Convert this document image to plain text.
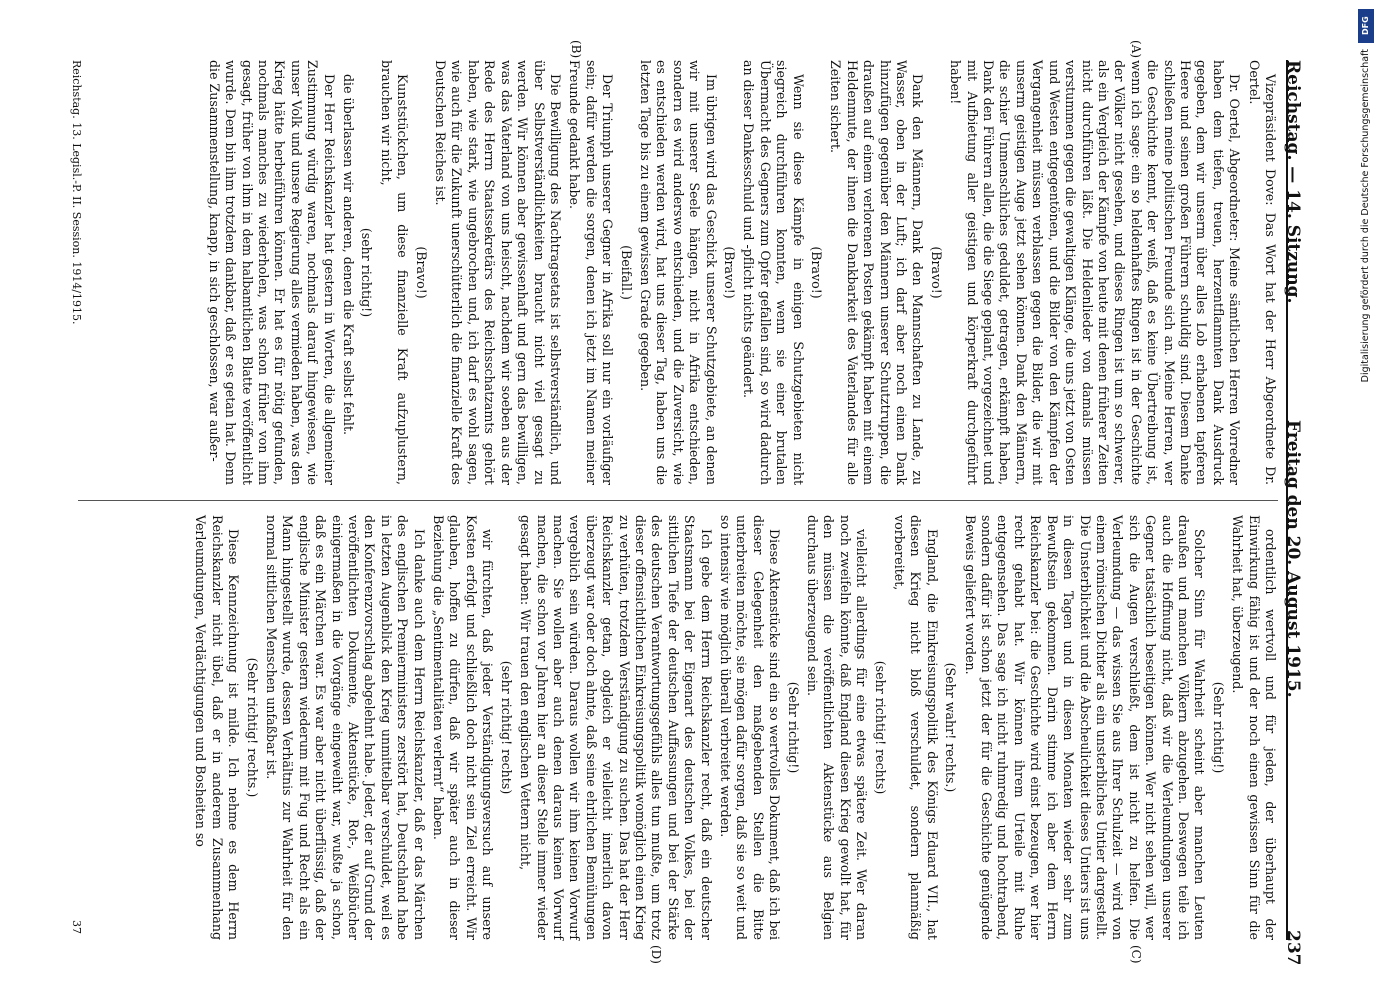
Reichstag. — 14. Sitzung.
Freitag den 20. August 1915.
237
(A)
(B)
(C)
(D)

Vizepräsident Dove: Das Wort hat der Herr Abgeordnete Dr. Oertel.

Dr. Oertel, Abgeordneter: Meine sämtlichen Herren Vorredner haben dem tiefen, treuen, herzentflammten Dank Ausdruck gegeben, dem wir unserm über alles Lob erhabenen tapferen Heere und seinen großen Führern schuldig sind. Diesem Danke schließen meine politischen Freunde sich an. Meine Herren, wer die Geschichte kennt, der weiß, daß es keine Übertreibung ist, wenn ich sage: ein so heldenhaftes Ringen ist in der Geschichte der Völker nicht gesehen, und dieses Ringen ist um so schwerer, als ein Vergleich der Kämpfe von heute mit denen früherer Zeiten nicht durchführen läßt. Die Heldenlieder von damals müssen verstummen gegen die gewaltigen Klänge, die uns jetzt von Osten und Westen entgegentönen, und die Bilder von den Kämpfen der Vergangenheit müssen verblassen gegen die Bilder, die wir mit unserm geistigen Auge jetzt sehen können. Dank den Männern, die schier Unmenschliches geduldet, getragen, erkämpft haben, Dank den Führern allen, die die Siege geplant, vorgezeichnet und mit Aufbietung aller geistigen und körperkraft durchgeführt haben!

(Bravo!)

Dank den Männern, Dank den Mannschaften zu Lande, zu Wasser, oben in der Luft; ich darf aber noch einen Dank hinzufügen gegenüber den Männern unserer Schutztruppen, die draußen auf einem verlorenen Posten gekämpft haben mit einem Heldenmute, der ihnen die Dankbarkeit des Vaterlandes für alle Zeiten sichert.

(Bravo!)

Wenn sie diese Kämpfe in einigen Schutzgebieten nicht siegreich durchführen konnten, wenn sie einer brutalen Übermacht des Gegners zum Opfer gefallen sind, so wird dadurch an dieser Dankesschuld und -pflicht nichts geändert.

(Bravo!)

Im übrigen wird das Geschick unserer Schutzgebiete, an denen wir mit unserer Seele hängen, nicht in Afrika entschieden, sondern es wird anderswo entschieden, und die Zuversicht, wie es entschieden werden wird, hat uns dieser Tag, haben uns die letzten Tage bis zu einem gewissen Grade gegeben.

(Beifall.)

Der Triumph unserer Gegner in Afrika soll nur ein vorläufiger sein; dafür werden die sorgen, denen ich jetzt im Namen meiner Freunde gedankt habe.

Die Bewilligung des Nachtragsetats ist selbstverständlich, und über Selbstverständlichkeiten braucht nicht viel gesagt zu werden. Wir können aber gewissenhaft und gern das bewilligen, was das Vaterland von uns heischt, nachdem wir soeben aus der Rede des Herrn Staatssekretärs des Reichsschatzamts gehört haben, wie stark, wie ungebrochen und, ich darf es wohl sagen, wie auch für die Zukunft unerschütterlich die finanzielle Kraft des Deutschen Reiches ist.

(Bravo!)

Kunststückchen, um diese finanzielle Kraft aufzuplustern, brauchen wir nicht,

(sehr richtig!)

die überlassen wir anderen, denen die Kraft selbst fehlt.

Der Herr Reichskanzler hat gestern in Worten, die allgemeiner Zustimmung würdig waren, nochmals darauf hingewiesen, wie unser Volk und unsere Regierung alles vermieden haben, was den Krieg hätte herbeiführen können. Er hat es für nötig gefunden, nochmals manches zu wiederholen, was schon früher von ihm gesagt, früher von ihm in dem halbamtlichen Blatte veröffentlicht wurde. Dem bin ihm trotzdem dankbar, daß er es getan hat. Denn die Zusammenstellung, knapp, in sich geschlossen, war außer-

ordentlich wertvoll und für jeden, der überhaupt der Einwirkung fähig ist und der noch einen gewissen Sinn für die Wahrheit hat, überzeugend.

(Sehr richtig!)

Solcher Sinn für Wahrheit scheint aber manchen Leuten draußen und manchen Völkern abzugehen. Deswegen teile ich auch die Hoffnung nicht, daß wir die Verleumdungen unserer Gegner tatsächlich beseitigen können. Wer nicht sehen will, wer sich die Augen verschließt, dem ist nicht zu helfen. Die Verleumdung — das wissen Sie aus Ihrer Schulzeit — wird von einem römischen Dichter als ein unsterbliches Untier dargestellt. Die Unsterblichkeit und die Abscheulichkeit dieses Untiers ist uns in diesen Tagen und in diesen Monaten wieder sehr zum Bewußtsein gekommen. Darin stimme ich aber dem Herrn Reichskanzler bei: die Geschichte wird einst bezeugen, wer hier recht gehabt hat. Wir können ihrem Urteile mit Ruhe entgegensehen. Das sage ich nicht ruhmredig und hochtrabend, sondern dafür ist schon jetzt der für die Geschichte genügende Beweis geliefert worden.

(Sehr wahr! rechts.)

England, die Einkreisungspolitik des Königs Eduard VII., hat diesen Krieg nicht bloß verschuldet, sondern planmäßig vorbereitet,

(sehr richtig! rechts)

vielleicht allerdings für eine etwas spätere Zeit. Wer daran noch zweifeln könnte, daß England diesen Krieg gewollt hat, für den müssen die veröffentlichten Aktenstücke aus Belgien durchaus überzeugend sein.

(Sehr richtig!)

Diese Aktenstücke sind ein so wertvolles Dokument, daß ich bei dieser Gelegenheit den maßgebenden Stellen die Bitte unterbreiten möchte, sie mögen dafür sorgen, daß sie so weit und so intensiv wie möglich überall verbreitet werden.

Ich gebe dem Herrn Reichskanzler recht, daß ein deutscher Staatsmann bei der Eigenart des deutschen Volkes, bei der sittlichen Tiefe der deutschen Auffassungen und bei der Stärke des deutschen Verantwortungsgefühls alles tun mußte, um trotz dieser offensichtlichen Einkreisungspolitik womöglich einen Krieg zu verhüten, trotzdem Verständigung zu suchen. Das hat der Herr Reichskanzler getan, obgleich er vielleicht innerlich davon überzeugt war oder doch ahnte, daß seine ehrlichen Bemühungen vergeblich sein würden. Daraus wollen wir ihm keinen Vorwurf machen. Sie wollen aber auch denen daraus keinen Vorwurf machen, die schon vor Jahren hier an dieser Stelle immer wieder gesagt haben: Wir trauen den englischen Vettern nicht,

(sehr richtig! rechts)

wir fürchten, daß jeder Verständigungsversuch auf unsere Kosten erfolgt und schließlich doch nicht sein Ziel erreicht. Wir glauben, hoffen zu dürfen, daß wir später auch in dieser Beziehung die „Sentimentalitäten verlernt“ haben.

Ich danke auch dem Herrn Reichskanzler, daß er das Märchen des englischen Premierministers zerstört hat, Deutschland habe in letzten Augenblick den Krieg unmittelbar verschuldet, weil es den Konferenzvorschlag abgelehnt habe. Jeder, der auf Grund der veröffentlichten Dokumente, Aktenstücke, Rot-, Weißbücher einigermaßen in die Vorgänge eingeweiht war, wußte ja schon, daß es ein Märchen war. Es war aber nicht überflüssig, daß der englische Minister gestern wiederum mit Fug und Recht als ein Mann hingestellt wurde, dessen Verhältnis zur Wahrheit für den normal sittlichen Menschen unfaßbar ist.

(Sehr richtig! rechts.)

Diese Kennzeichnung ist milde. Ich nehme es dem Herrn Reichskanzler nicht übel, daß er in anderem Zusammenhang Verleumdungen, Verdächtigungen und Bosheiten so

Reichstag. 13. Legisl.-P. II. Session. 1914/1915.
37
DFG
Digitalisierung gefördert durch die Deutsche Forschungsgemeinschaft
